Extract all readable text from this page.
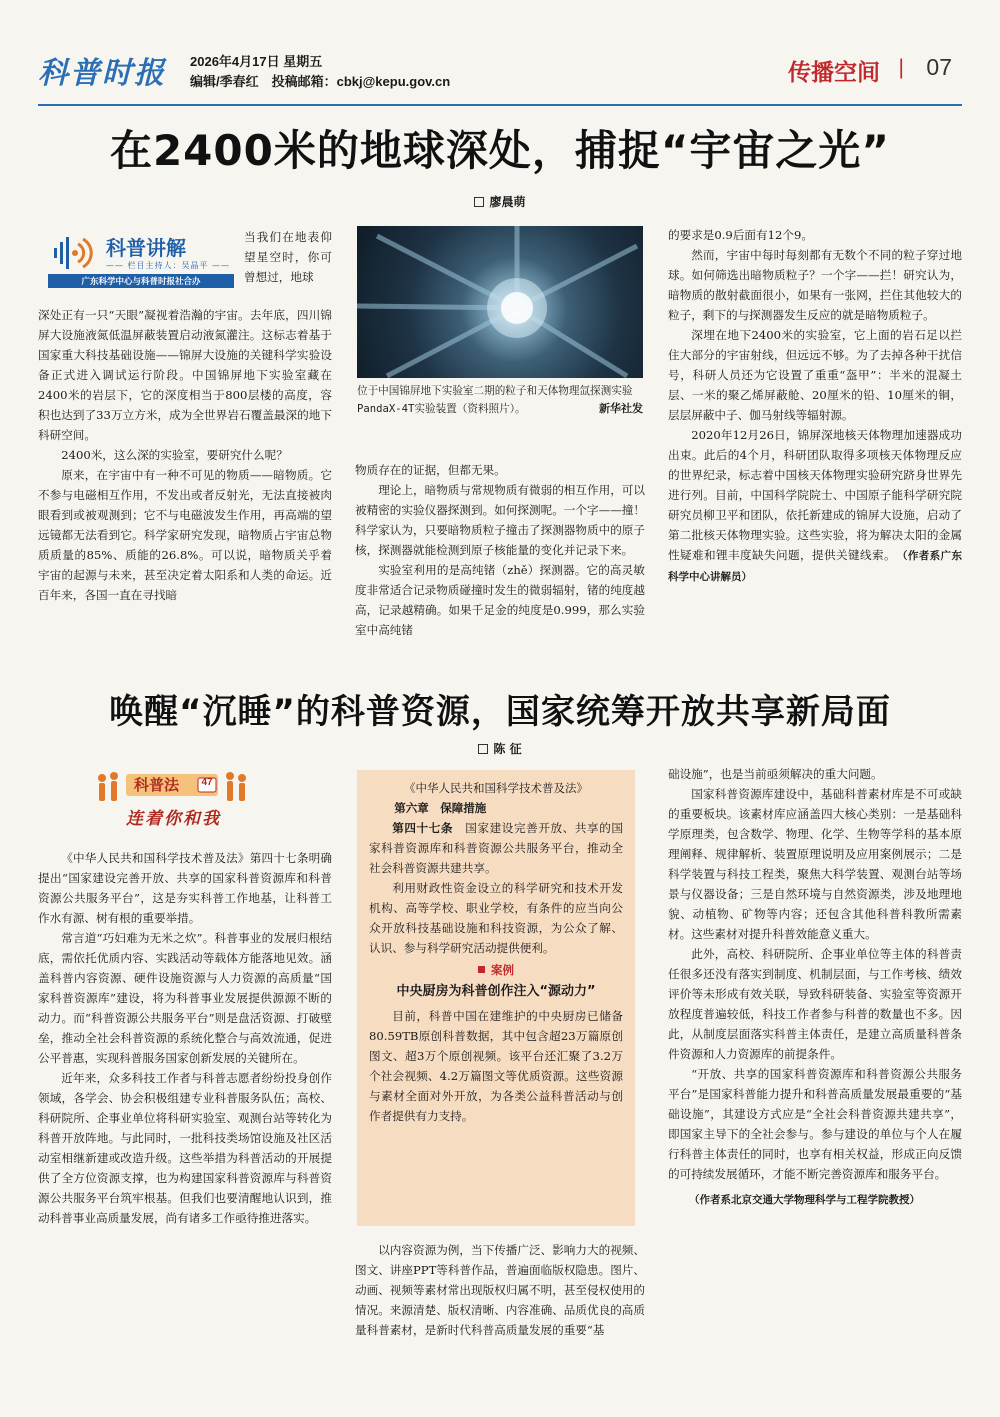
科普时报 2026年4月17日 星期五
编辑/季春红　投稿邮箱：cbkj@kepu.gov.cn	传播空间 | 07
在2400米的地球深处，捕捉“宇宙之光”
廖晨萌
科普讲解
—— 栏目主持人：吴晶平 ——
广东科学中心与科普时报社合办
当我们在地表仰望星空时，你可曾想过，地球

深处正有一只“天眼”凝视着浩瀚的宇宙。去年底，四川锦屏大设施液氮低温屏蔽装置启动液氮灌注。这标志着基于国家重大科技基础设施——锦屏大设施的关键科学实验设备正式进入调试运行阶段。中国锦屏地下实验室藏在2400米的岩层下，它的深度相当于800层楼的高度，容积也达到了33万立方米，成为全世界岩石覆盖最深的地下科研空间。

2400米，这么深的实验室，要研究什么呢？

原来，在宇宙中有一种不可见的物质——暗物质。它不参与电磁相互作用，不发出或者反射光，无法直接被肉眼看到或被观测到；它不与电磁波发生作用，再高端的望远镜都无法看到它。科学家研究发现，暗物质占宇宙总物质质量的85%、质能的26.8%。可以说，暗物质关乎着宇宙的起源与未来，甚至决定着太阳系和人类的命运。近百年来，各国一直在寻找暗

位于中国锦屏地下实验室二期的粒子和天体物理氙探测实验PandaX-4T实验装置（资料照片）。	新华社发

物质存在的证据，但都无果。

理论上，暗物质与常规物质有微弱的相互作用，可以被精密的实验仪器探测到。如何探测呢。一个字——撞！科学家认为，只要暗物质粒子撞击了探测器物质中的原子核，探测器就能检测到原子核能量的变化并记录下来。

实验室利用的是高纯锗（zhě）探测器。它的高灵敏度非常适合记录物质碰撞时发生的微弱辐射，锗的纯度越高，记录越精确。如果千足金的纯度是0.999，那么实验室中高纯锗

的要求是0.9后面有12个9。

然而，宇宙中每时每刻都有无数个不同的粒子穿过地球。如何筛选出暗物质粒子？一个字——拦！研究认为，暗物质的散射截面很小，如果有一张网，拦住其他较大的粒子，剩下的与探测器发生反应的就是暗物质粒子。

深埋在地下2400米的实验室，它上面的岩石足以拦住大部分的宇宙射线，但远远不够。为了去掉各种干扰信号，科研人员还为它设置了重重“盔甲”：半米的混凝土层、一米的聚乙烯屏蔽舱、20厘米的铅、10厘米的铜，层层屏蔽中子、伽马射线等辐射源。

2020年12月26日，锦屏深地核天体物理加速器成功出束。此后的4个月，科研团队取得多项核天体物理反应的世界纪录，标志着中国核天体物理实验研究跻身世界先进行列。目前，中国科学院院士、中国原子能科学研究院研究员柳卫平和团队，依托新建成的锦屏大设施，启动了第二批核天体物理实验。这些实验，将为解决太阳的金属性疑难和锂丰度缺失问题，提供关键线索。　 （作者系广东科学中心讲解员）

唤醒“沉睡”的科普资源，国家统筹开放共享新局面
陈 征
科普法	47
连着你和我

《中华人民共和国科学技术普及法》第四十七条明确提出“国家建设完善开放、共享的国家科普资源库和科普资源公共服务平台”，这是夯实科普工作地基，让科普工作水有源、树有根的重要举措。

常言道“巧妇难为无米之炊”。科普事业的发展归根结底，需依托优质内容、实践活动等载体方能落地见效。涵盖科普内容资源、硬件设施资源与人力资源的高质量“国家科普资源库”建设，将为科普事业发展提供源源不断的动力。而“科普资源公共服务平台”则是盘活资源、打破壁垒，推动全社会科普资源的系统化整合与高效流通，促进公平普惠，实现科普服务国家创新发展的关键所在。

近年来，众多科技工作者与科普志愿者纷纷投身创作领域，各学会、协会积极组建专业科普服务队伍；高校、科研院所、企事业单位将科研实验室、观测台站等转化为科普开放阵地。与此同时，一批科技类场馆设施及社区活动室相继新建或改造升级。这些举措为科普活动的开展提供了全方位资源支撑，也为构建国家科普资源库与科普资源公共服务平台筑牢根基。但我们也要清醒地认识到，推动科普事业高质量发展，尚有诸多工作亟待推进落实。

《中华人民共和国科学技术普及法》
第六章　保障措施

第四十七条　 国家建设完善开放、共享的国家科普资源库和科普资源公共服务平台，推动全社会科普资源共建共享。

利用财政性资金设立的科学研究和技术开发机构、高等学校、职业学校，有条件的应当向公众开放科技基础设施和科技资源，为公众了解、认识、参与科学研究活动提供便利。

案例
中央厨房为科普创作注入“源动力”

目前，科普中国在建维护的中央厨房已储备80.59TB原创科普数据，其中包含超23万篇原创图文、超3万个原创视频。该平台还汇聚了3.2万个社会视频、4.2万篇图文等优质资源。这些资源与素材全面对外开放，为各类公益科普活动与创作者提供有力支持。

以内容资源为例，当下传播广泛、影响力大的视频、图文、讲座PPT等科普作品，普遍面临版权隐患。图片、动画、视频等素材常出现版权归属不明，甚至侵权使用的情况。来源清楚、版权清晰、内容准确、品质优良的高质量科普素材，是新时代科普高质量发展的重要“基

础设施”，也是当前亟须解决的重大问题。

国家科普资源库建设中，基础科普素材库是不可或缺的重要板块。该素材库应涵盖四大核心类别：一是基础科学原理类，包含数学、物理、化学、生物等学科的基本原理阐释、规律解析、装置原理说明及应用案例展示；二是科学装置与科技工程类，聚焦大科学装置、观测台站等场景与仪器设备；三是自然环境与自然资源类，涉及地理地貌、动植物、矿物等内容；还包含其他科普科教所需素材。这些素材对提升科普效能意义重大。

此外，高校、科研院所、企事业单位等主体的科普责任很多还没有落实到制度、机制层面，与工作考核、绩效评价等未形成有效关联，导致科研装备、实验室等资源开放程度普遍较低，科技工作者参与科普的数量也不多。因此，从制度层面落实科普主体责任，是建立高质量科普条件资源和人力资源库的前提条件。

“开放、共享的国家科普资源库和科普资源公共服务平台”是国家科普能力提升和科普高质量发展最重要的“基础设施”，其建设方式应是“全社会科普资源共建共享”，即国家主导下的全社会参与。参与建设的单位与个人在履行科普主体责任的同时，也享有相关权益，形成正向反馈的可持续发展循环，才能不断完善资源库和服务平台。

（作者系北京交通大学物理科学与工程学院教授）
